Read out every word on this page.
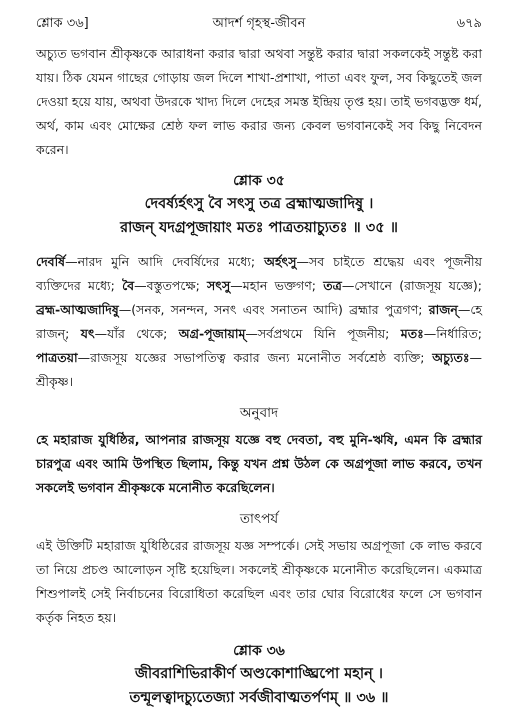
শ্লোক ৩৬]	আদর্শ গৃহস্থ-জীবন	৬৭৯

অচ্যুত ভগবান শ্রীকৃষ্ণকে আরাধনা করার দ্বারা অথবা সন্তুষ্ট করার দ্বারা সকলকেই সন্তুষ্ট করা যায়। ঠিক যেমন গাছের গোড়ায় জল দিলে শাখা-প্রশাখা, পাতা এবং ফুল, সব কিছুতেই জল দেওয়া হয়ে যায়, অথবা উদরকে খাদ্য দিলে দেহের সমস্ত ইন্দ্রিয় তৃপ্ত হয়। তাই ভগবদ্ভক্ত ধর্ম, অর্থ, কাম এবং মোক্ষের শ্রেষ্ঠ ফল লাভ করার জন্য কেবল ভগবানকেই সব কিছু নিবেদন করেন।

শ্লোক ৩৫
দেবর্ষ্যর্হৎসু বৈ সৎসু তত্র ব্রহ্মাত্মজাদিষু ।
রাজন্ যদগ্রপূজায়াং মতঃ পাত্রতয়াচ্যুতঃ ॥ ৩৫ ॥

দেবর্ষি—নারদ মুনি আদি দেবর্ষিদের মধ্যে; অর্হৎসু—সব চাইতে শ্রদ্ধেয় এবং পূজনীয় ব্যক্তিদের মধ্যে; বৈ—বস্তুতপক্ষে; সৎসু—মহান ভক্তগণ; তত্র—সেখানে (রাজসূয় যজ্ঞে); ব্রহ্ম-আত্মজাদিষু—(সনক, সনন্দন, সনৎ এবং সনাতন আদি) ব্রহ্মার পুত্রগণ; রাজন্—হে রাজন্; যৎ—যাঁর থেকে; অগ্র-পূজায়াম্—সর্বপ্রথমে যিনি পূজনীয়; মতঃ—নির্ধারিত; পাত্রতয়া—রাজসূয় যজ্ঞের সভাপতিত্ব করার জন্য মনোনীত সর্বশ্রেষ্ঠ ব্যক্তি; অচ্যুতঃ—শ্রীকৃষ্ণ।

অনুবাদ

হে মহারাজ যুধিষ্ঠির, আপনার রাজসূয় যজ্ঞে বহু দেবতা, বহু মুনি-ঋষি, এমন কি ব্রহ্মার চারপুত্র এবং আমি উপস্থিত ছিলাম, কিন্তু যখন প্রশ্ন উঠল কে অগ্রপূজা লাভ করবে, তখন সকলেই ভগবান শ্রীকৃষ্ণকে মনোনীত করেছিলেন।

তাৎপর্য

এই উক্তিটি মহারাজ যুধিষ্ঠিরের রাজসূয় যজ্ঞ সম্পর্কে। সেই সভায় অগ্রপূজা কে লাভ করবে তা নিয়ে প্রচণ্ড আলোড়ন সৃষ্টি হয়েছিল। সকলেই শ্রীকৃষ্ণকে মনোনীত করেছিলেন। একমাত্র শিশুপালই সেই নির্বাচনের বিরোধিতা করেছিল এবং তার ঘোর বিরোধের ফলে সে ভগবান কর্তৃক নিহত হয়।

শ্লোক ৩৬
জীবরাশিভিরাকীর্ণ অণ্ডকোশাঙ্ঘ্রিপো মহান্ ।
তন্মূলত্বাদচ্যুতেজ্যা সর্বজীবাত্মতর্পণম্ ॥ ৩৬ ॥
